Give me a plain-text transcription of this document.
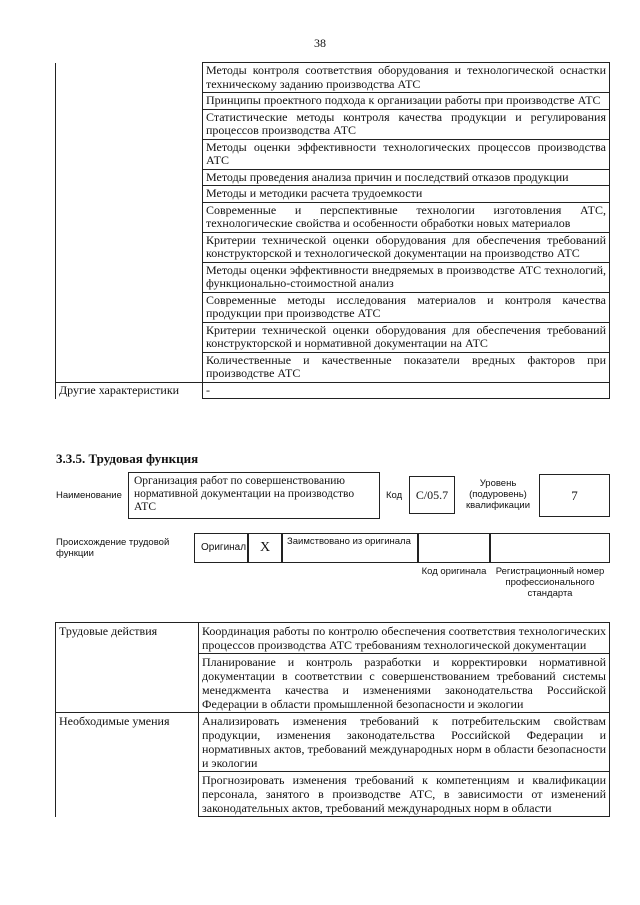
38
	Методы контроля соответствия оборудования и технологической оснастки техническому заданию производства АТС
	Принципы проектного подхода к организации работы при производстве АТС
	Статистические методы контроля качества продукции и регулирования процессов производства АТС
	Методы оценки эффективности технологических процессов производства АТС
	Методы проведения анализа причин и последствий отказов продукции
	Методы и методики расчета трудоемкости
	Современные и перспективные технологии изготовления АТС, технологические свойства и особенности обработки новых материалов
	Критерии технической оценки оборудования для обеспечения требований конструкторской и технологической документации на производство АТС
	Методы оценки эффективности внедряемых в производстве АТС технологий, функционально-стоимостной анализ
	Современные методы исследования материалов и контроля качества продукции при производстве АТС
	Критерии технической оценки оборудования для обеспечения требований конструкторской и нормативной документации на АТС
	Количественные и качественные показатели вредных факторов при производстве АТС
Другие характеристики	-
3.3.5. Трудовая функция
Наименование
Организация работ по совершенствованию нормативной документации на производство АТС
Код	C/05.7
Уровень (подуровень) квалификации
7
Происхождение трудовой функции
Оригинал X	Заимствовано из оригинала
Код оригинала Регистрационный номер профессионального стандарта
Трудовые действия	Координация работы по контролю обеспечения соответствия технологических процессов производства АТС требованиям технологической документации
	Планирование и контроль разработки и корректировки нормативной документации в соответствии с совершенствованием требований системы менеджмента качества и изменениями законодательства Российской Федерации в области промышленной безопасности и экологии
Необходимые умения	Анализировать изменения требований к потребительским свойствам продукции, изменения законодательства Российской Федерации и нормативных актов, требований международных норм в области безопасности и экологии
	Прогнозировать изменения требований к компетенциям и квалификации персонала, занятого в производстве АТС, в зависимости от изменений законодательных актов, требований международных норм в области
